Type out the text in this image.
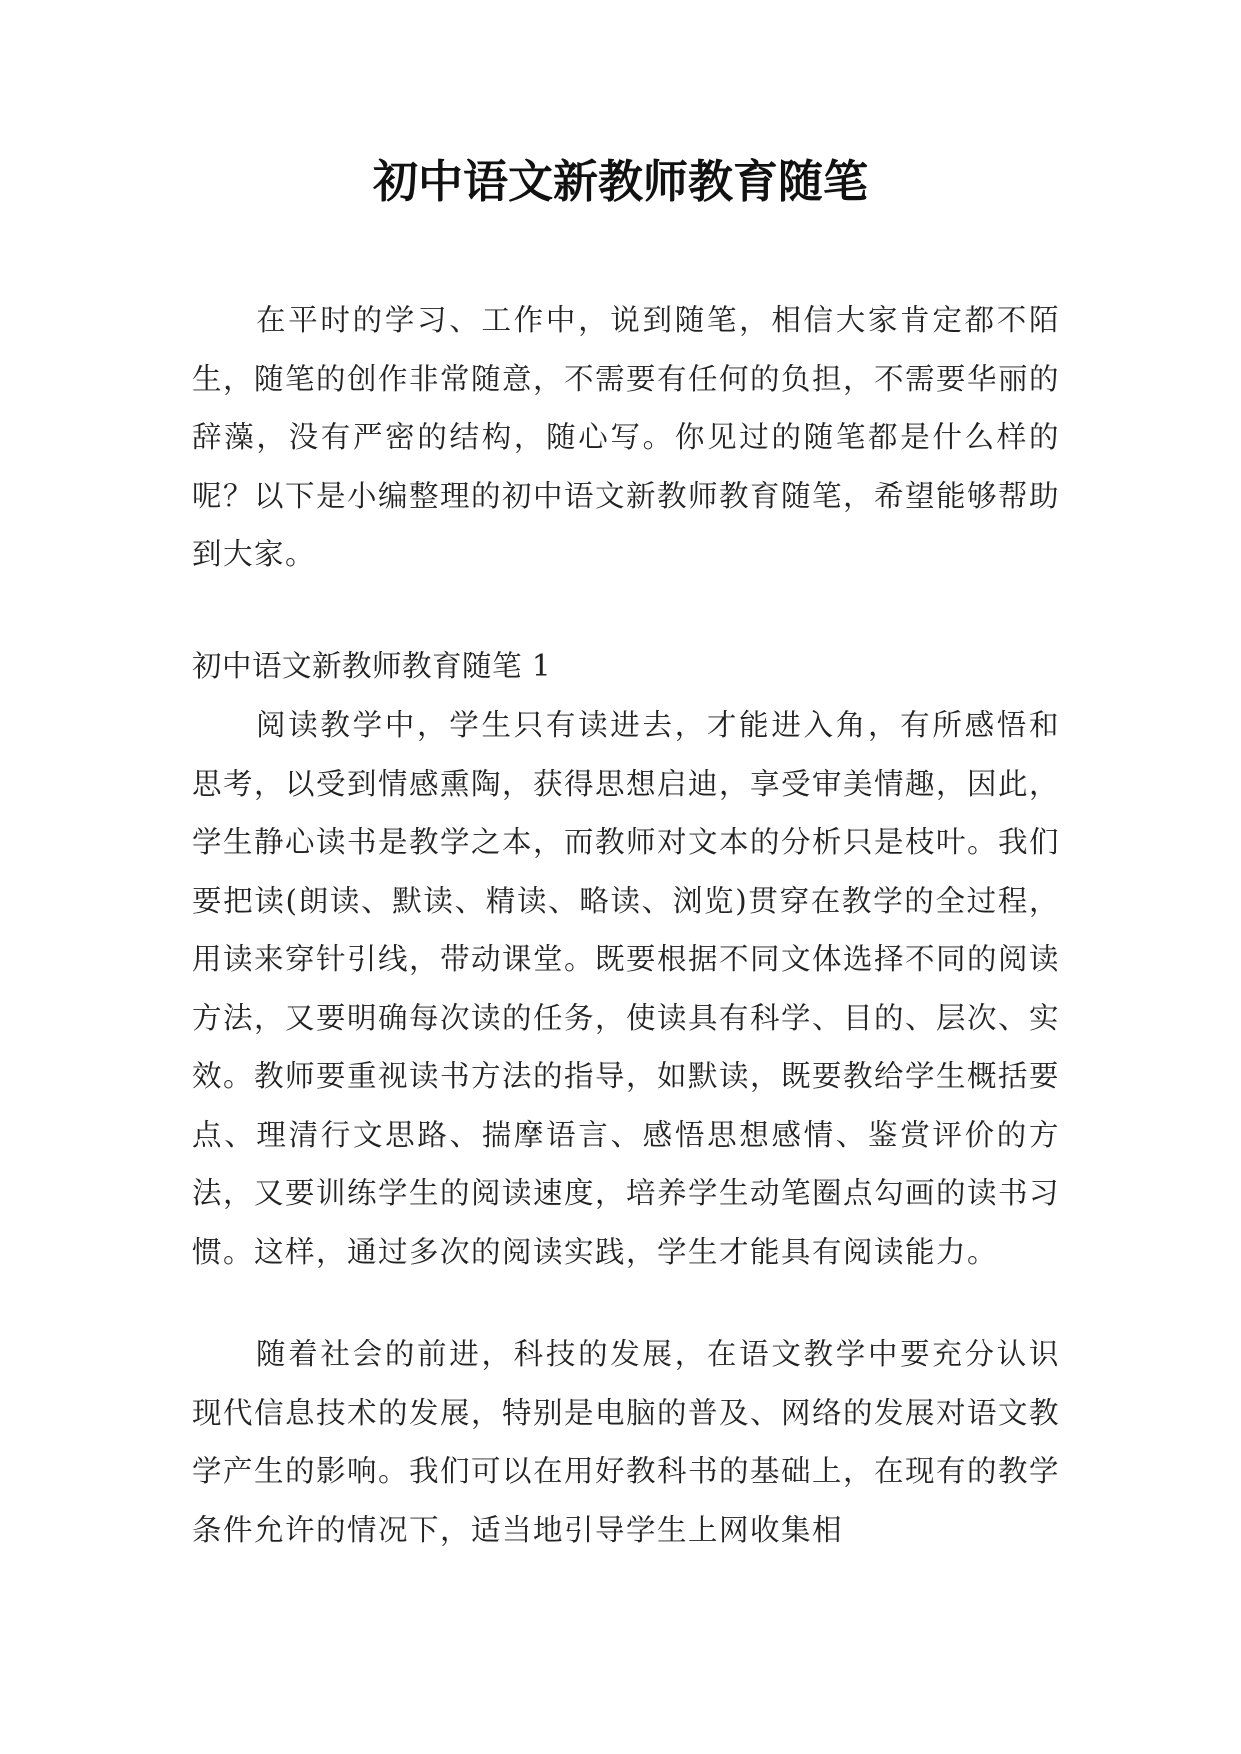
初中语文新教师教育随笔

在平时的学习、工作中，说到随笔，相信大家肯定都不陌生，随笔的创作非常随意，不需要有任何的负担，不需要华丽的辞藻，没有严密的结构，随心写。你见过的随笔都是什么样的呢？以下是小编整理的初中语文新教师教育随笔，希望能够帮助到大家。

初中语文新教师教育随笔 1

阅读教学中，学生只有读进去，才能进入角，有所感悟和思考，以受到情感熏陶，获得思想启迪，享受审美情趣，因此，学生静心读书是教学之本，而教师对文本的分析只是枝叶。我们要把读(朗读、默读、精读、略读、浏览)贯穿在教学的全过程，用读来穿针引线，带动课堂。既要根据不同文体选择不同的阅读方法，又要明确每次读的任务，使读具有科学、目的、层次、实效。教师要重视读书方法的指导，如默读，既要教给学生概括要点、理清行文思路、揣摩语言、感悟思想感情、鉴赏评价的方法，又要训练学生的阅读速度，培养学生动笔圈点勾画的读书习惯。这样，通过多次的阅读实践，学生才能具有阅读能力。

随着社会的前进，科技的发展，在语文教学中要充分认识现代信息技术的发展，特别是电脑的普及、网络的发展对语文教学产生的影响。我们可以在用好教科书的基础上，在现有的教学条件允许的情况下，适当地引导学生上网收集相
